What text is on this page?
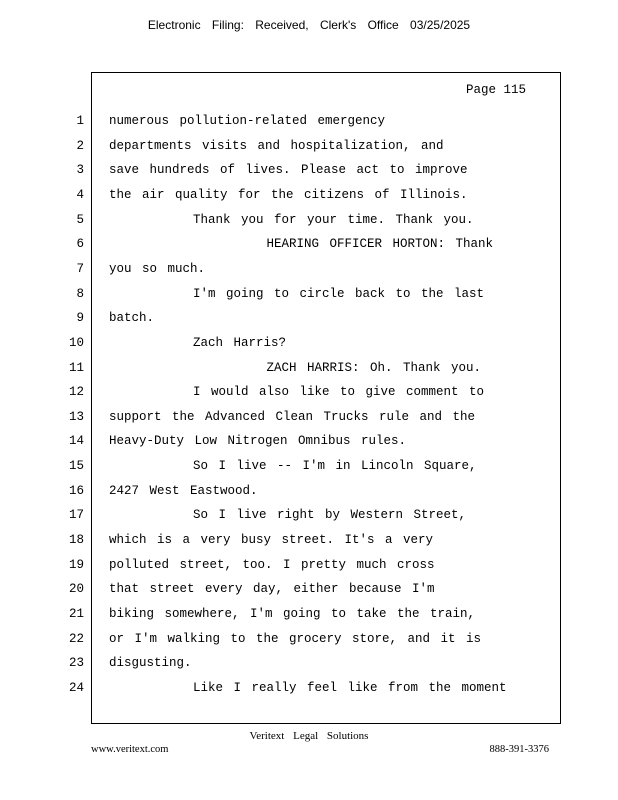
Electronic Filing: Received, Clerk's Office 03/25/2025
Page 115
1 numerous pollution-related emergency
2 departments visits and hospitalization, and
3 save hundreds of lives. Please act to improve
4 the air quality for the citizens of Illinois.
5 Thank you for your time. Thank you.
6 HEARING OFFICER HORTON: Thank
7 you so much.
8 I'm going to circle back to the last
9 batch.
10 Zach Harris?
11 ZACH HARRIS: Oh. Thank you.
12 I would also like to give comment to
13 support the Advanced Clean Trucks rule and the
14 Heavy-Duty Low Nitrogen Omnibus rules.
15 So I live -- I'm in Lincoln Square,
16 2427 West Eastwood.
17 So I live right by Western Street,
18 which is a very busy street. It's a very
19 polluted street, too. I pretty much cross
20 that street every day, either because I'm
21 biking somewhere, I'm going to take the train,
22 or I'm walking to the grocery store, and it is
23 disgusting.
24 Like I really feel like from the moment
Veritext Legal Solutions
www.veritext.com	888-391-3376
